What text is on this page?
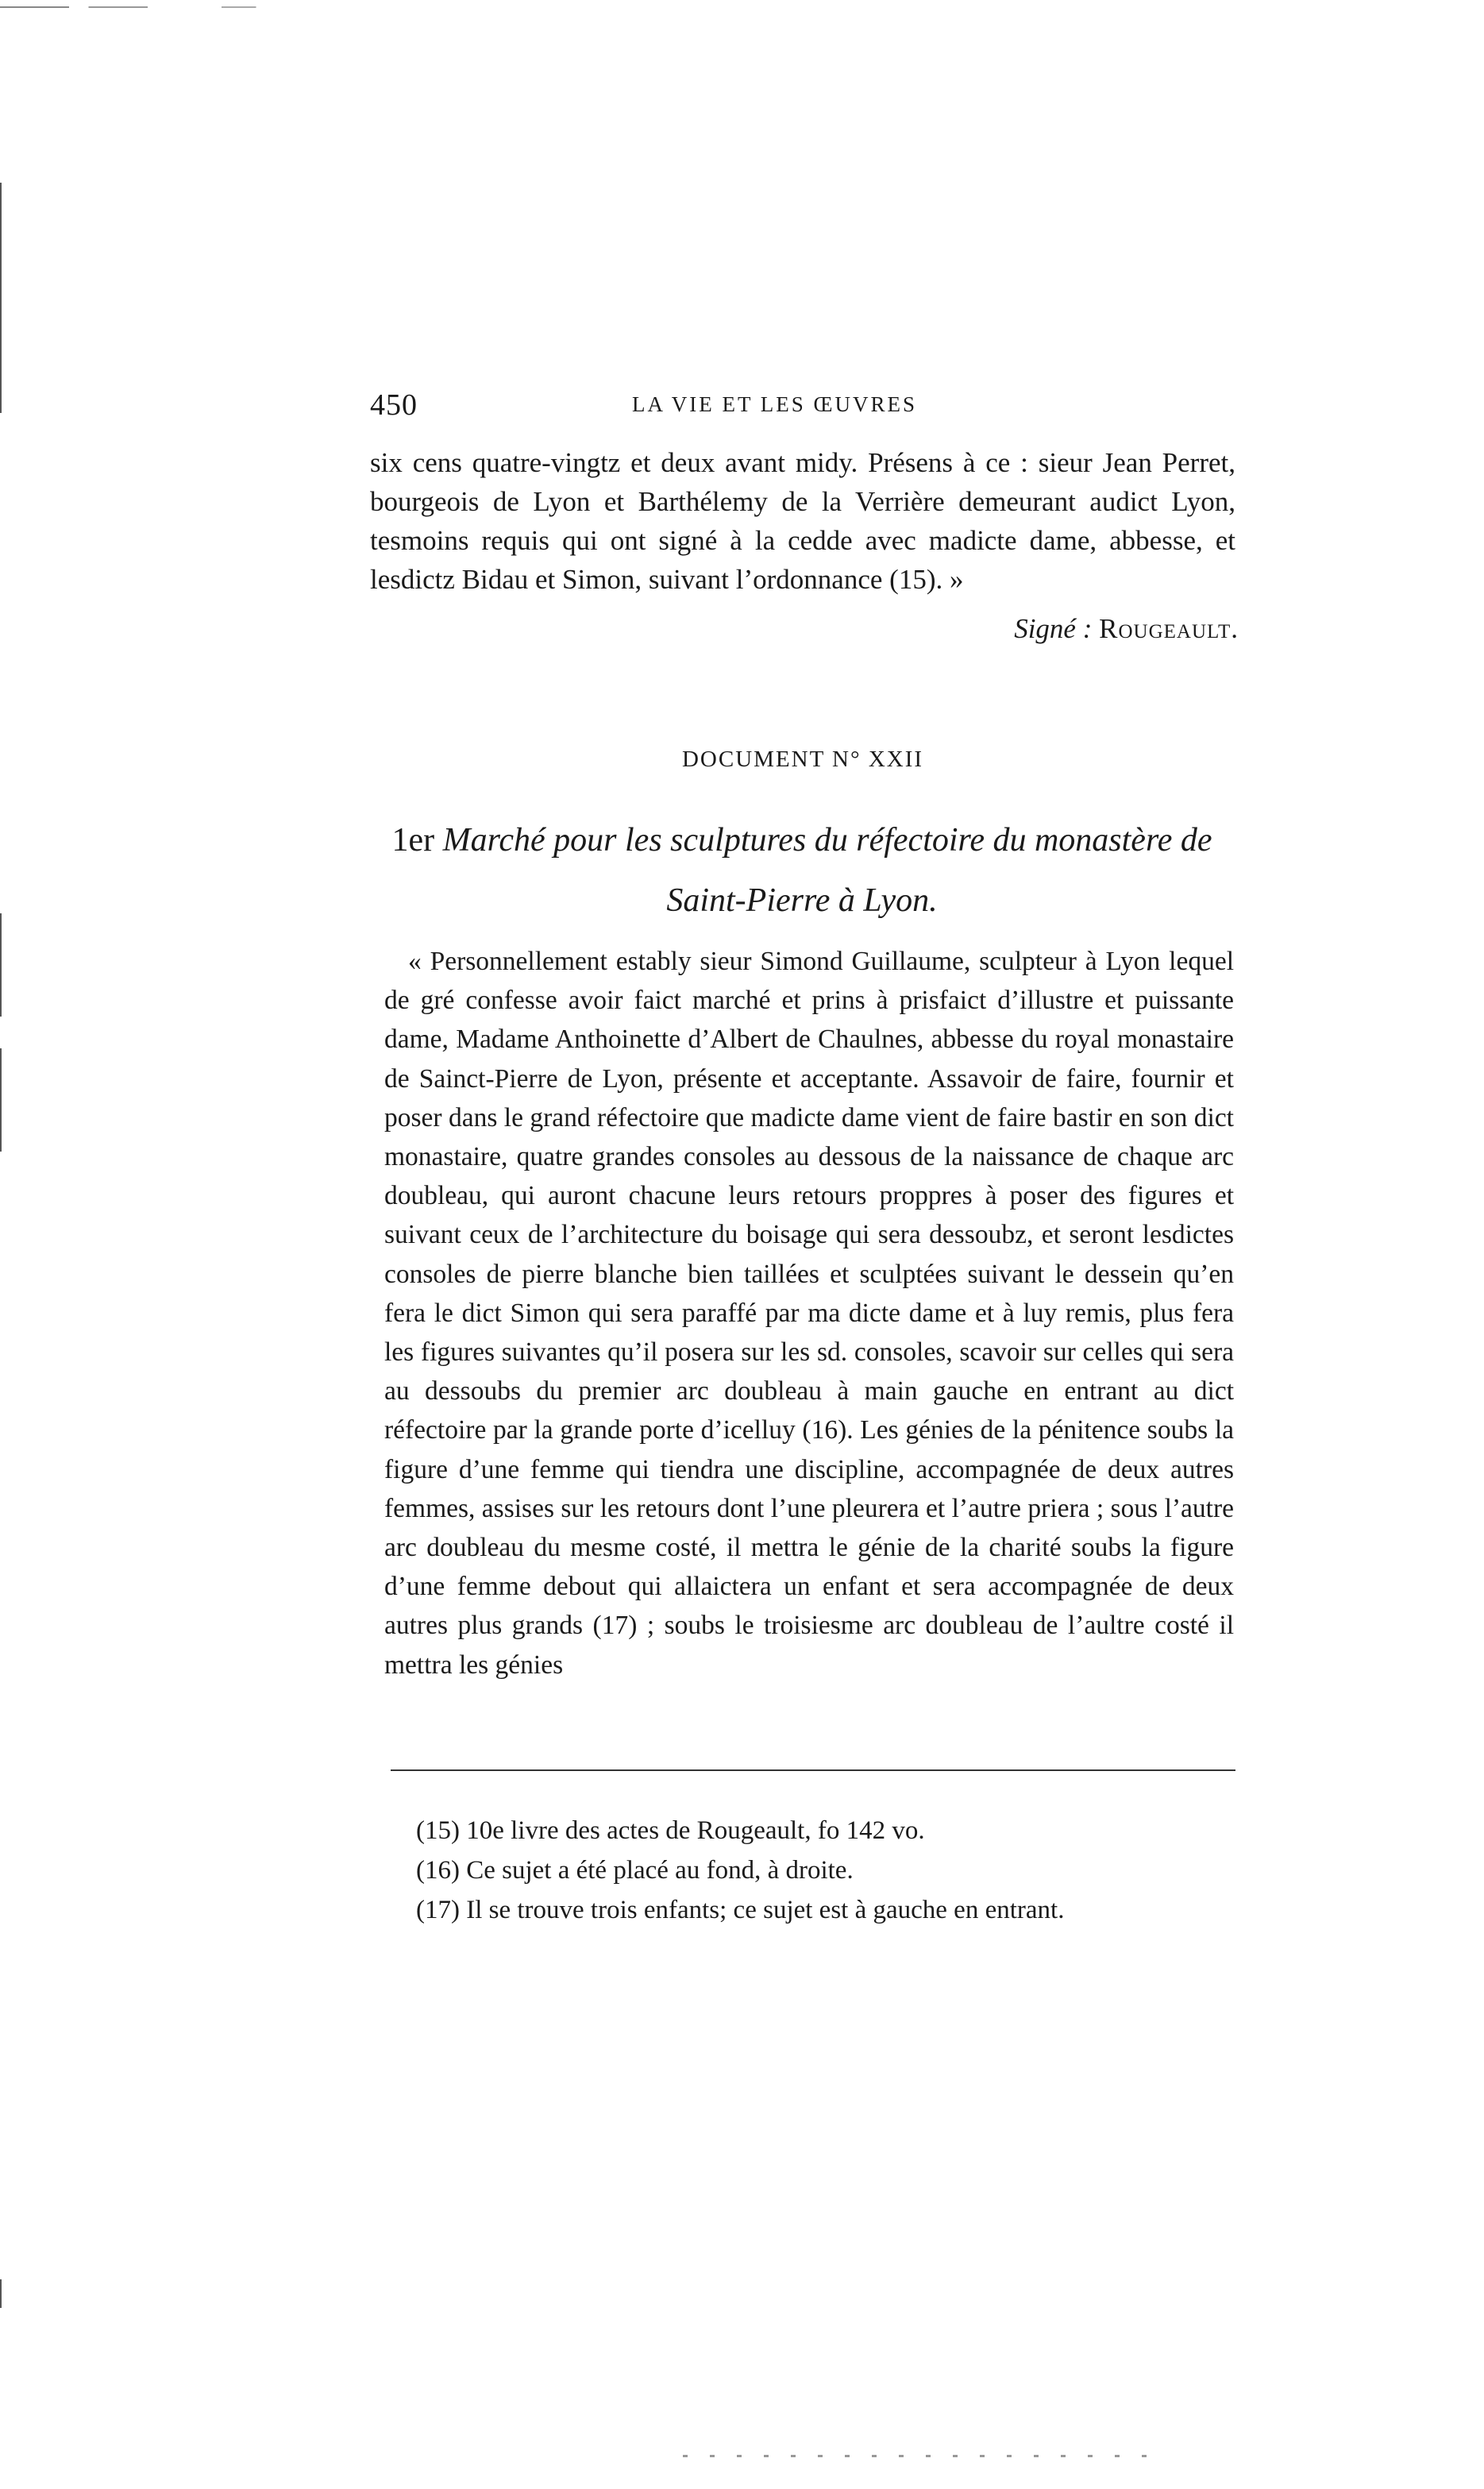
450	LA VIE ET LES ŒUVRES

six cens quatre-vingtz et deux avant midy. Présens à ce : sieur Jean Perret, bourgeois de Lyon et Barthélemy de la Verrière demeurant audict Lyon, tesmoins requis qui ont signé à la cedde avec madicte dame, abbesse, et lesdictz Bidau et Simon, suivant l’ordonnance (15). »

Signé : Rougeault.
DOCUMENT N° XXII
1er Marché pour les sculptures du réfectoire du monastère de Saint-Pierre à Lyon.

« Personnellement estably sieur Simond Guillaume, sculpteur à Lyon lequel de gré confesse avoir faict marché et prins à prisfaict d’illustre et puissante dame, Madame Anthoinette d’Albert de Chaulnes, abbesse du royal monastaire de Sainct-Pierre de Lyon, présente et acceptante. Assavoir de faire, fournir et poser dans le grand réfectoire que madicte dame vient de faire bastir en son dict monastaire, quatre grandes consoles au dessous de la naissance de chaque arc doubleau, qui auront chacune leurs retours proppres à poser des figures et suivant ceux de l’architecture du boisage qui sera dessoubz, et seront lesdictes consoles de pierre blanche bien taillées et sculptées suivant le dessein qu’en fera le dict Simon qui sera paraffé par ma dicte dame et à luy remis, plus fera les figures suivantes qu’il posera sur les sd. consoles, scavoir sur celles qui sera au dessoubs du premier arc doubleau à main gauche en entrant au dict réfectoire par la grande porte d’icelluy (16). Les génies de la pénitence soubs la figure d’une femme qui tiendra une discipline, accompagnée de deux autres femmes, assises sur les retours dont l’une pleurera et l’autre priera ; sous l’autre arc doubleau du mesme costé, il mettra le génie de la charité soubs la figure d’une femme debout qui allaictera un enfant et sera accompagnée de deux autres plus grands (17) ; soubs le troisiesme arc doubleau de l’aultre costé il mettra les génies

(15) 10e livre des actes de Rougeault, fo 142 vo.
(16) Ce sujet a été placé au fond, à droite.
(17) Il se trouve trois enfants; ce sujet est à gauche en entrant.
